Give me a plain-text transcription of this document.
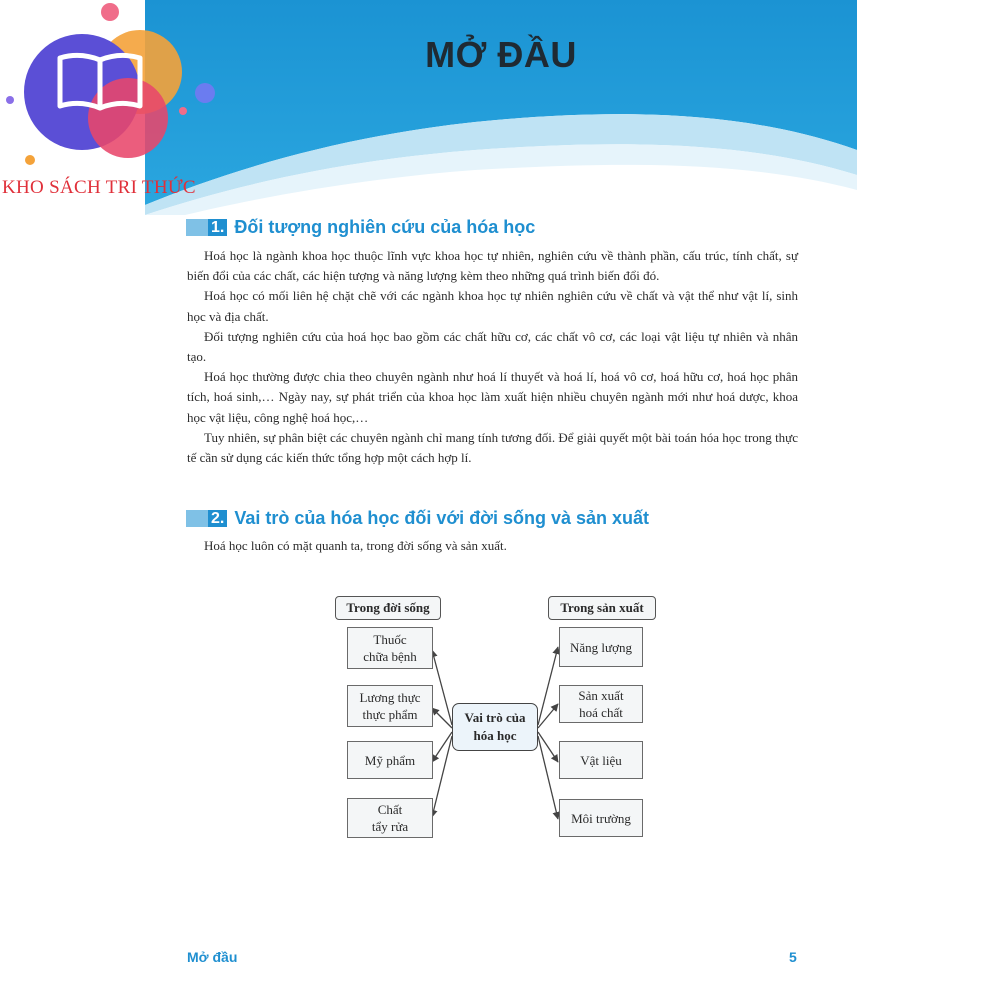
MỞ ĐẦU
KHO SÁCH TRI THỨC
1. Đối tượng nghiên cứu của hóa học

Hoá học là ngành khoa học thuộc lĩnh vực khoa học tự nhiên, nghiên cứu về thành phần, cấu trúc, tính chất, sự biến đổi của các chất, các hiện tượng và năng lượng kèm theo những quá trình biến đổi đó.

Hoá học có mối liên hệ chặt chẽ với các ngành khoa học tự nhiên nghiên cứu về chất và vật thể như vật lí, sinh học và địa chất.

Đối tượng nghiên cứu của hoá học bao gồm các chất hữu cơ, các chất vô cơ, các loại vật liệu tự nhiên và nhân tạo.

Hoá học thường được chia theo chuyên ngành như hoá lí thuyết và hoá lí, hoá vô cơ, hoá hữu cơ, hoá học phân tích, hoá sinh,… Ngày nay, sự phát triển của khoa học làm xuất hiện nhiều chuyên ngành mới như hoá dược, khoa học vật liệu, công nghệ hoá học,…

Tuy nhiên, sự phân biệt các chuyên ngành chỉ mang tính tương đối. Để giải quyết một bài toán hóa học trong thực tế cần sử dụng các kiến thức tổng hợp một cách hợp lí.

2. Vai trò của hóa học đối với đời sống và sản xuất

Hoá học luôn có mặt quanh ta, trong đời sống và sản xuất.

Trong đời sống	Trong sản xuất
Thuốc
chữa bệnh
Lương thực
thực phẩm
Mỹ phẩm
Chất
tẩy rửa
Vai trò của
hóa học
Năng lượng
Sản xuất
hoá chất
Vật liệu
Môi trường
Mở đầu	5
